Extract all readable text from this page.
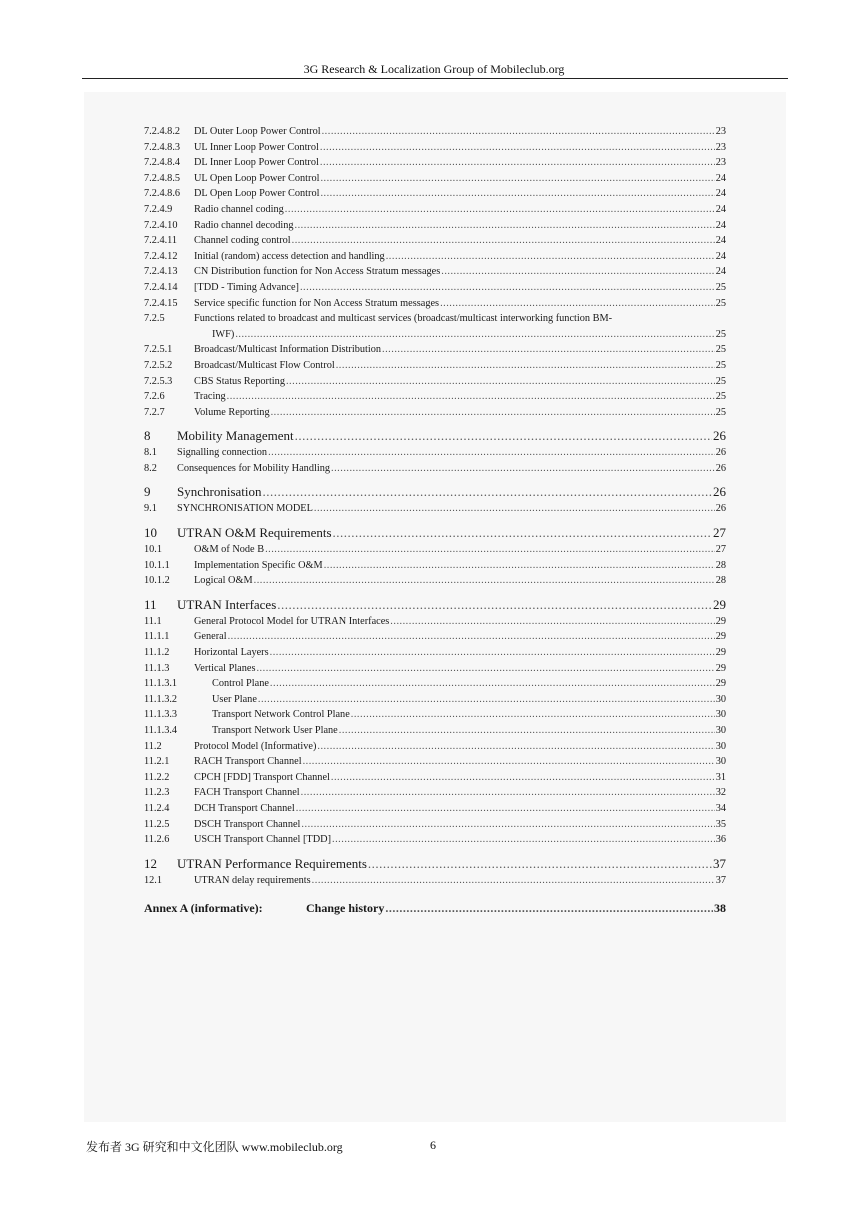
3G Research & Localization Group of Mobileclub.org
7.2.4.8.2	DL Outer Loop Power Control .....	23
7.2.4.8.3	UL Inner Loop Power Control .....	23
7.2.4.8.4	DL Inner Loop Power Control .....	23
7.2.4.8.5	UL Open Loop Power Control .....	24
7.2.4.8.6	DL Open Loop Power Control .....	24
7.2.4.9	Radio channel coding .....	24
7.2.4.10	Radio channel decoding .....	24
7.2.4.11	Channel coding control .....	24
7.2.4.12	Initial (random) access detection and handling .....	24
7.2.4.13	CN Distribution function for Non Access Stratum messages .....	24
7.2.4.14	[TDD - Timing Advance] .....	25
7.2.4.15	Service specific function for Non Access Stratum messages .....	25
7.2.5	Functions related to broadcast and multicast services (broadcast/multicast interworking function BM-
IWF) .....	25
7.2.5.1	Broadcast/Multicast Information Distribution .....	25
7.2.5.2	Broadcast/Multicast Flow Control .....	25
7.2.5.3	CBS Status Reporting .....	25
7.2.6	Tracing .....	25
7.2.7	Volume Reporting .....	25
8	Mobility Management .....	26
8.1	Signalling connection .....	26
8.2	Consequences for Mobility Handling .....	26
9	Synchronisation .....	26
9.1	SYNCHRONISATION MODEL .....	26
10	UTRAN O&M Requirements .....	27
10.1	O&M of Node B .....	27
10.1.1	Implementation Specific O&M .....	28
10.1.2	Logical O&M .....	28
11	UTRAN Interfaces .....	29
11.1	General Protocol Model for UTRAN Interfaces .....	29
11.1.1	General .....	29
11.1.2	Horizontal Layers .....	29
11.1.3	Vertical Planes .....	29
11.1.3.1	Control Plane .....	29
11.1.3.2	User Plane .....	30
11.1.3.3	Transport Network Control Plane .....	30
11.1.3.4	Transport Network User Plane .....	30
11.2	Protocol Model (Informative) .....	30
11.2.1	RACH Transport Channel .....	30
11.2.2	CPCH [FDD] Transport Channel .....	31
11.2.3	FACH Transport Channel .....	32
11.2.4	DCH Transport Channel .....	34
11.2.5	DSCH Transport Channel .....	35
11.2.6	USCH Transport Channel [TDD] .....	36
12	UTRAN Performance Requirements .....	37
12.1	UTRAN delay requirements .....	37
Annex A (informative):	Change history .....	38
发布者 3G 研究和中文化团队 www.mobileclub.org	6
